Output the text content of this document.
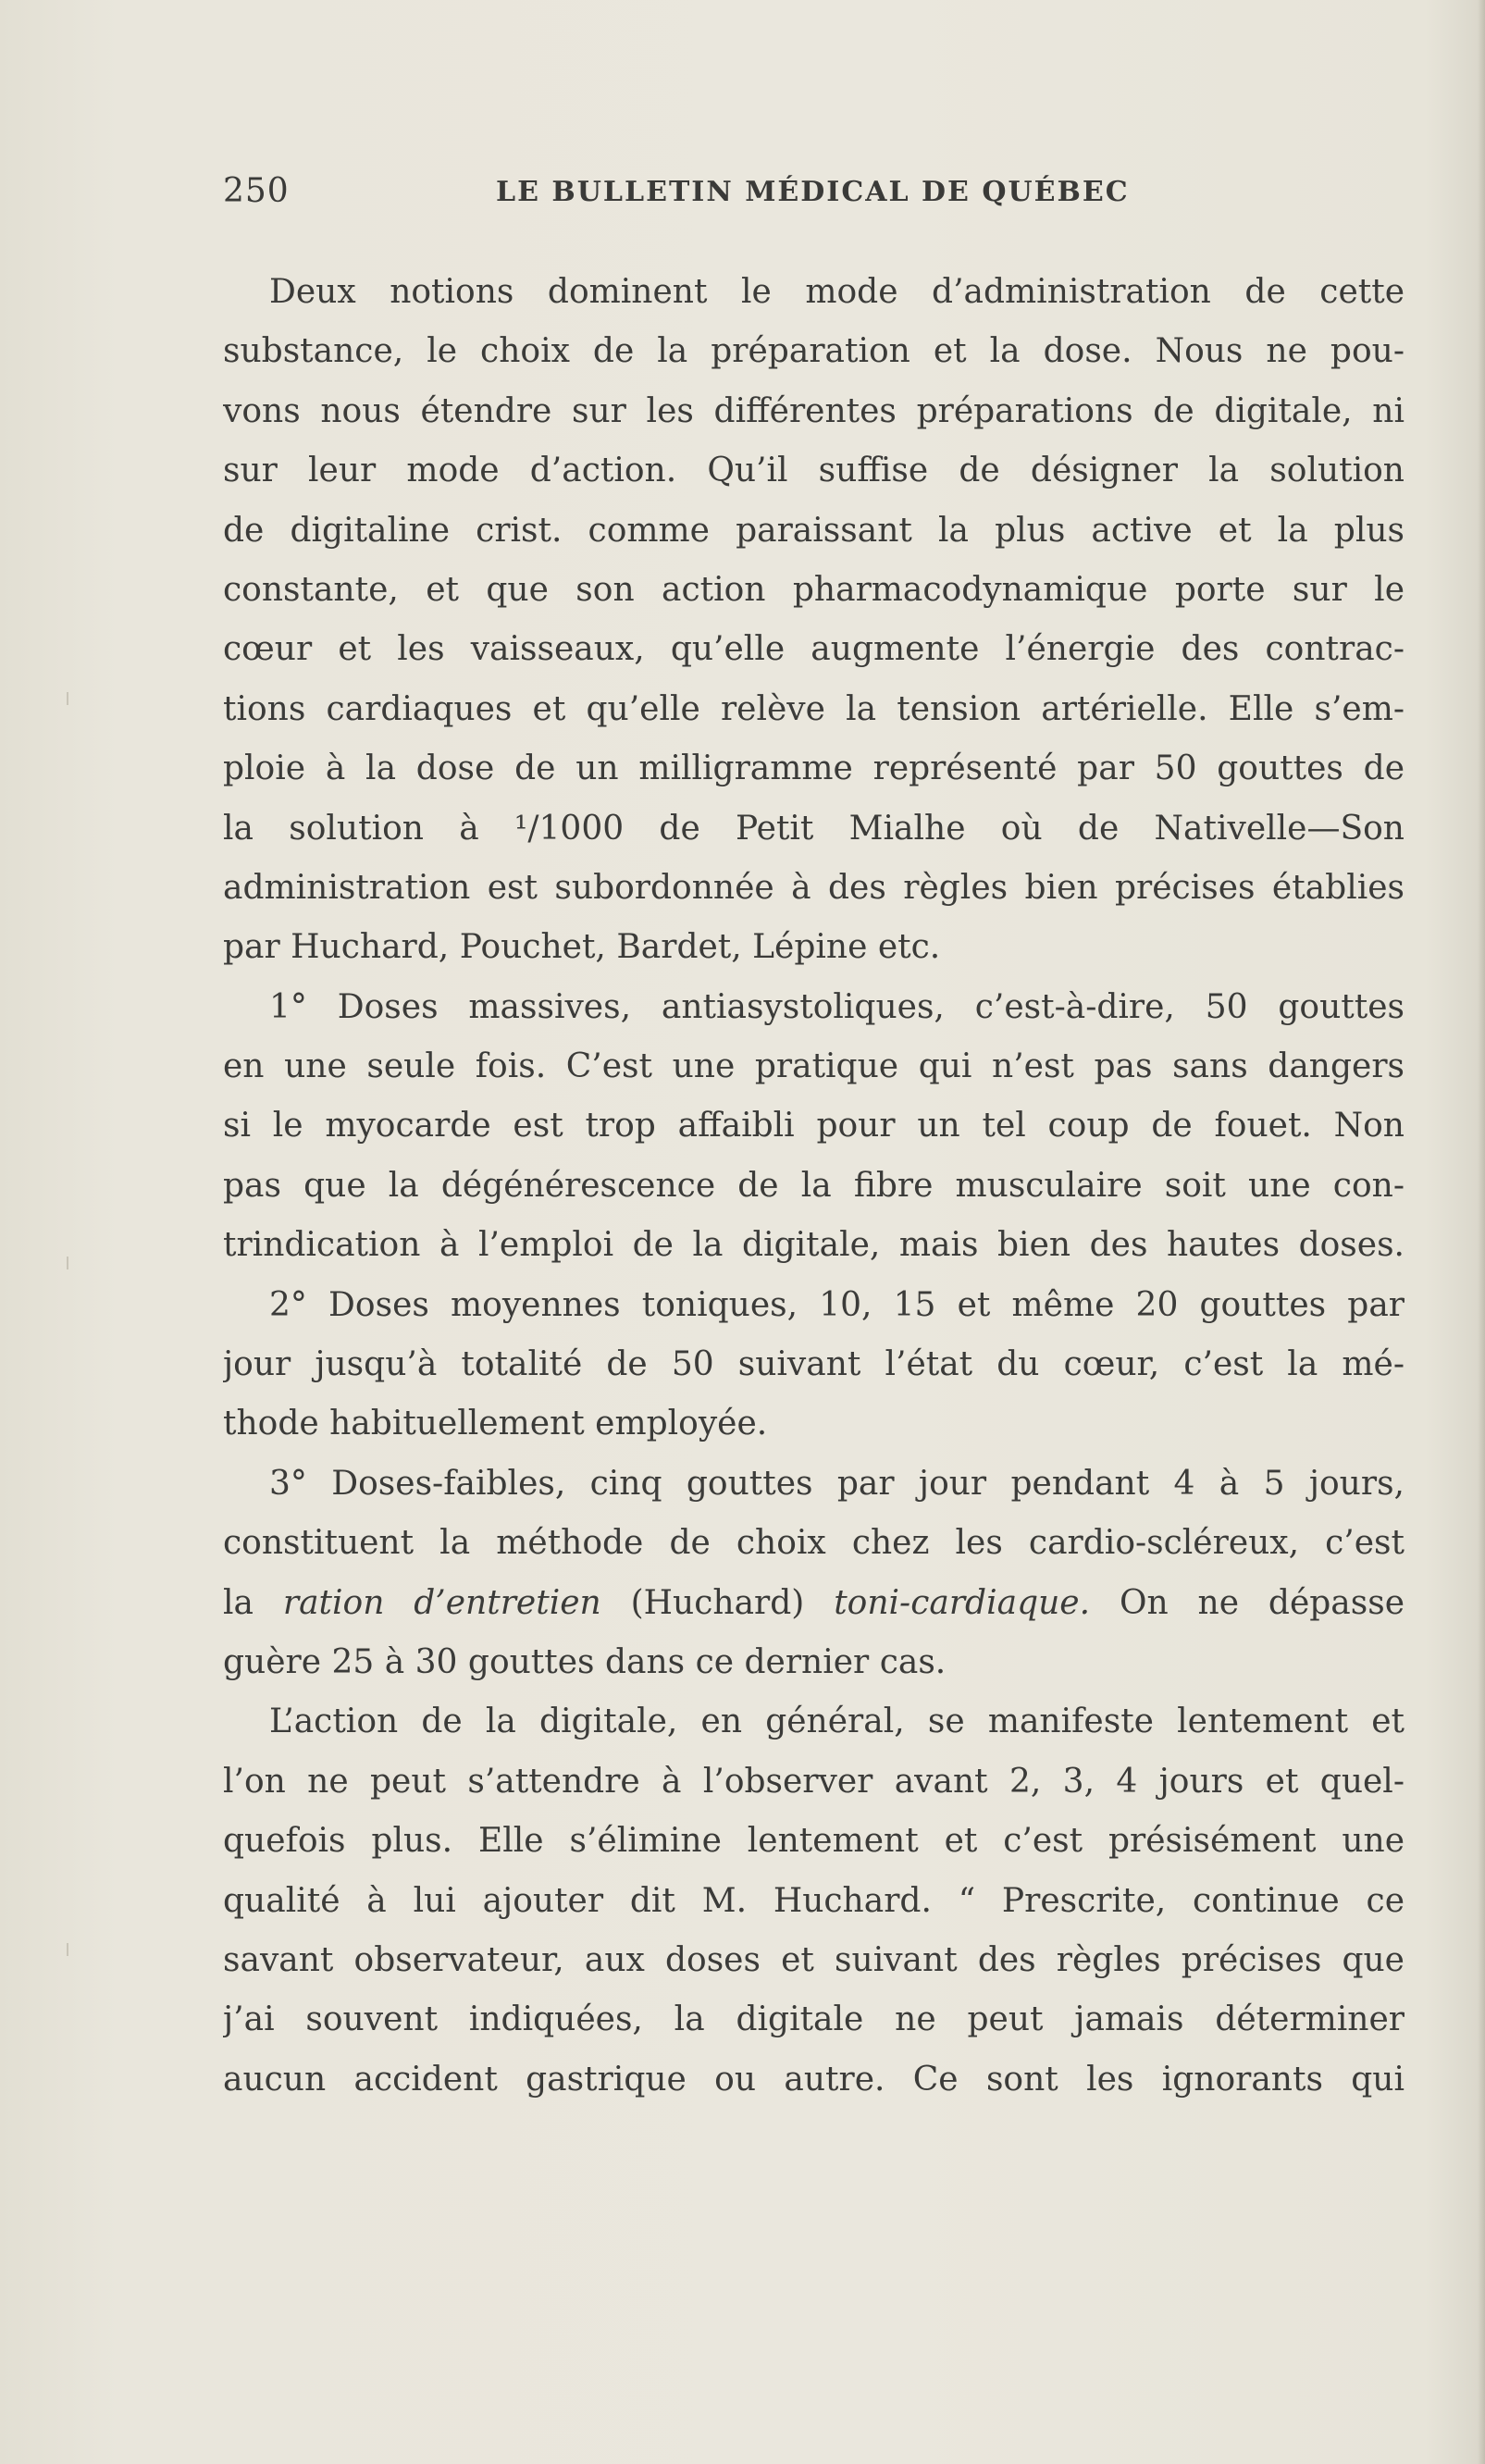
250	LE BULLETIN MÉDICAL DE QUÉBEC
Deux notions dominent le mode d’administration de cette
substance, le choix de la préparation et la dose. Nous ne pou-
vons nous étendre sur les différentes préparations de digitale, ni
sur leur mode d’action. Qu’il suffise de désigner la solution
de digitaline crist. comme paraissant la plus active et la plus
constante, et que son action pharmacodynamique porte sur le
cœur et les vaisseaux, qu’elle augmente l’énergie des contrac-
tions cardiaques et qu’elle relève la tension artérielle. Elle s’em-
ploie à la dose de un milligramme représenté par 50 gouttes de
la solution à ¹/1000 de Petit Mialhe où de Nativelle—Son
administration est subordonnée à des règles bien précises établies
par Huchard, Pouchet, Bardet, Lépine etc.
1° Doses massives, antiasystoliques, c’est-à-dire, 50 gouttes
en une seule fois. C’est une pratique qui n’est pas sans dangers
si le myocarde est trop affaibli pour un tel coup de fouet. Non
pas que la dégénérescence de la fibre musculaire soit une con-
trindication à l’emploi de la digitale, mais bien des hautes doses.
2° Doses moyennes toniques, 10, 15 et même 20 gouttes par
jour jusqu’à totalité de 50 suivant l’état du cœur, c’est la mé-
thode habituellement employée.
3° Doses-faibles, cinq gouttes par jour pendant 4 à 5 jours,
constituent la méthode de choix chez les cardio-scléreux, c’est
la ration d’entretien (Huchard) toni-cardiaque. On ne dépasse
guère 25 à 30 gouttes dans ce dernier cas.
L’action de la digitale, en général, se manifeste lentement et
l’on ne peut s’attendre à l’observer avant 2, 3, 4 jours et quel-
quefois plus. Elle s’élimine lentement et c’est présisément une
qualité à lui ajouter dit M. Huchard. “ Prescrite, continue ce
savant observateur, aux doses et suivant des règles précises que
j’ai souvent indiquées, la digitale ne peut jamais déterminer
aucun accident gastrique ou autre. Ce sont les ignorants qui
